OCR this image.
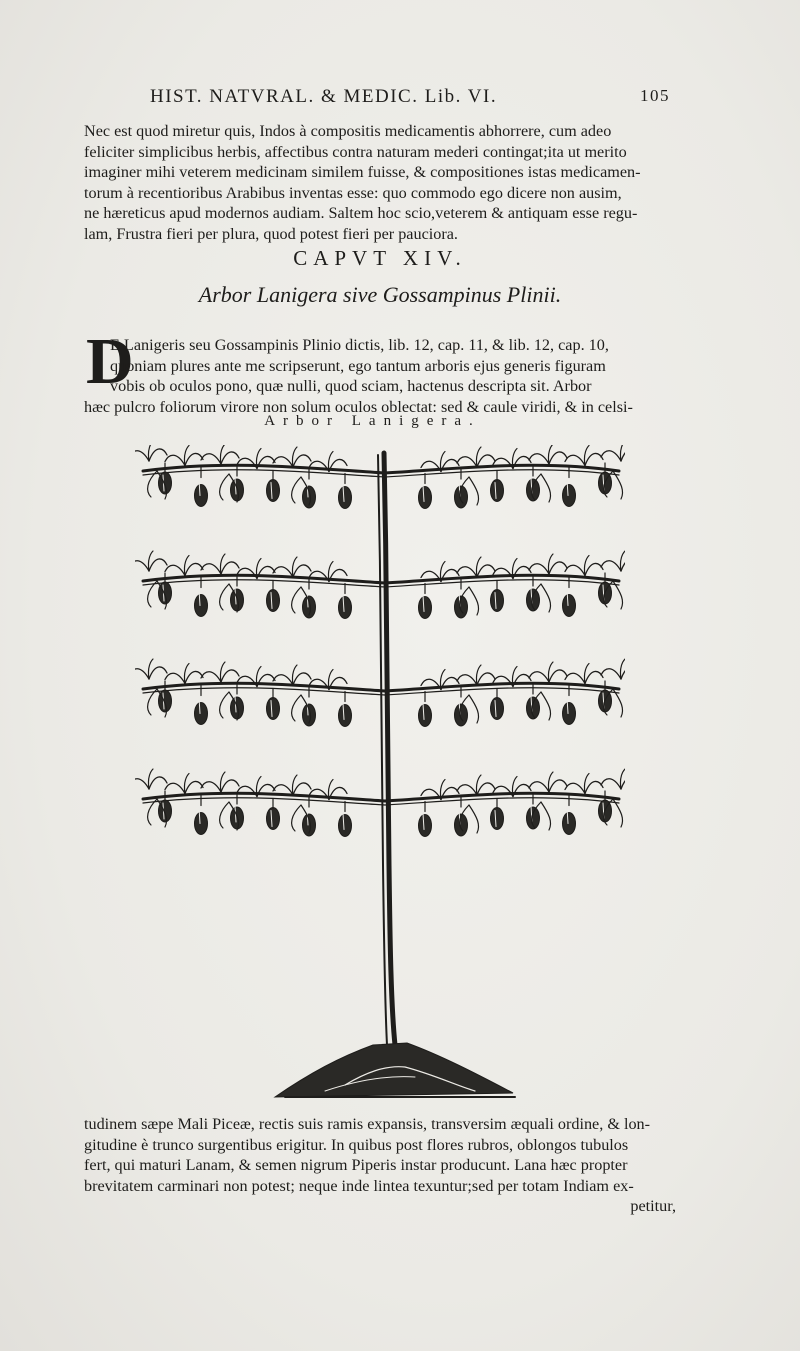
HIST. NATVRAL. & MEDIC. Lib. VI.	105
Nec est quod miretur quis, Indos à compositis medicamentis abhorrere, cum adeo
feliciter simplicibus herbis, affectibus contra naturam mederi contingat;ita ut merito
imaginer mihi veterem medicinam similem fuisse, & compositiones istas medicamen-
torum à recentioribus Arabibus inventas esse: quo commodo ego dicere non ausim,
ne hæreticus apud modernos audiam. Saltem hoc scio,veterem & antiquam esse regu-
lam, Frustra fieri per plura, quod potest fieri per pauciora.
CAPVT XIV.
Arbor Lanigera sive Gossampinus Plinii.
D
E Lanigeris seu Gossampinis Plinio dictis, lib. 12, cap. 11, & lib. 12, cap. 10,
quoniam plures ante me scripserunt, ego tantum arboris ejus generis figuram
vobis ob oculos pono, quæ nulli, quod sciam, hactenus descripta sit. Arbor
hæc pulcro foliorum virore non solum oculos oblectat: sed & caule viridi, & in celsi-
Arbor Lanigera.
tudinem sæpe Mali Piceæ, rectis suis ramis expansis, transversim æquali ordine, & lon-
gitudine è trunco surgentibus erigitur. In quibus post flores rubros, oblongos tubulos
fert, qui maturi Lanam, & semen nigrum Piperis instar producunt. Lana hæc propter
brevitatem carminari non potest; neque inde lintea texuntur;sed per totam Indiam ex-
petitur,
